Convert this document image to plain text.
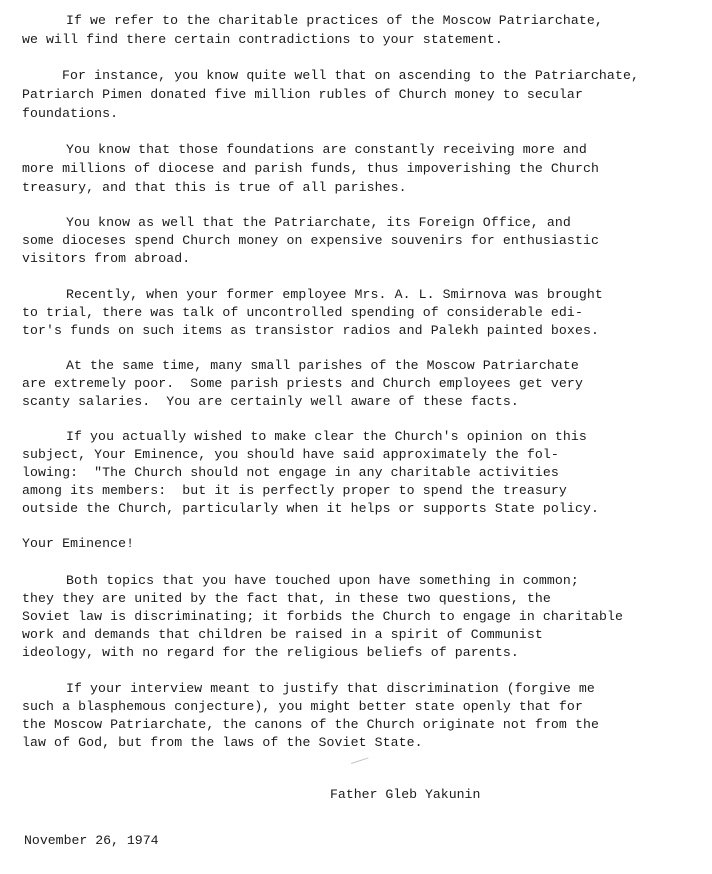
If we refer to the charitable practices of the Moscow Patriarchate,
we will find there certain contradictions to your statement.
For instance, you know quite well that on ascending to the Patriarchate,
Patriarch Pimen donated five million rubles of Church money to secular
foundations.
You know that those foundations are constantly receiving more and
more millions of diocese and parish funds, thus impoverishing the Church
treasury, and that this is true of all parishes.
You know as well that the Patriarchate, its Foreign Office, and
some dioceses spend Church money on expensive souvenirs for enthusiastic
visitors from abroad.
Recently, when your former employee Mrs. A. L. Smirnova was brought
to trial, there was talk of uncontrolled spending of considerable edi-
tor's funds on such items as transistor radios and Palekh painted boxes.
At the same time, many small parishes of the Moscow Patriarchate
are extremely poor.  Some parish priests and Church employees get very
scanty salaries.  You are certainly well aware of these facts.
If you actually wished to make clear the Church's opinion on this
subject, Your Eminence, you should have said approximately the fol-
lowing:  "The Church should not engage in any charitable activities
among its members:  but it is perfectly proper to spend the treasury
outside the Church, particularly when it helps or supports State policy.
Your Eminence!
Both topics that you have touched upon have something in common;
they they are united by the fact that, in these two questions, the
Soviet law is discriminating; it forbids the Church to engage in charitable
work and demands that children be raised in a spirit of Communist
ideology, with no regard for the religious beliefs of parents.
If your interview meant to justify that discrimination (forgive me
such a blasphemous conjecture), you might better state openly that for
the Moscow Patriarchate, the canons of the Church originate not from the
law of God, but from the laws of the Soviet State.
Father Gleb Yakunin
November 26, 1974
